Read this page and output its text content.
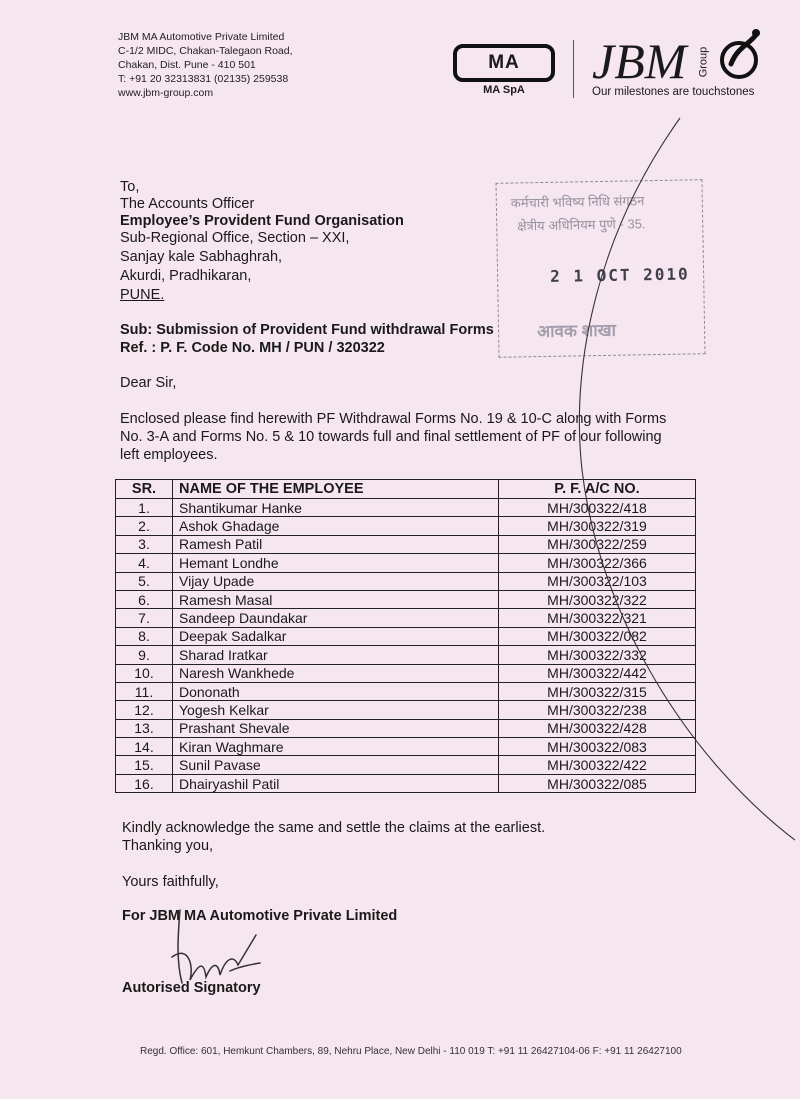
JBM MA Automotive Private Limited
C-1/2 MIDC, Chakan-Talegaon Road,
Chakan, Dist. Pune - 410 501
T: +91 20 32313831 (02135) 259538
www.jbm-group.com
MA
MA SpA
JBM Group
Our milestones are touchstones
To,
The Accounts Officer
Employee’s Provident Fund Organisation
Sub-Regional Office, Section – XXI,
Sanjay kale Sabhaghrah,
Akurdi, Pradhikaran,
PUNE.
कर्मचारी भविष्य निधि संगठन
क्षेत्रीय अधिनियम पुणे - 35.
2 1 OCT 2010
आवक शाखा
Sub: Submission of Provident Fund withdrawal Forms
Ref. : P. F. Code No. MH / PUN / 320322
Dear Sir,
Enclosed please find herewith PF Withdrawal Forms No. 19 & 10-C along with Forms
No. 3-A and Forms No. 5 & 10 towards full and final settlement of PF of our following
left employees.
SR.	NAME OF THE EMPLOYEE	P. F. A/C NO.
1.	Shantikumar Hanke	MH/300322/418
2.	Ashok Ghadage	MH/300322/319
3.	Ramesh Patil	MH/300322/259
4.	Hemant Londhe	MH/300322/366
5.	Vijay Upade	MH/300322/103
6.	Ramesh Masal	MH/300322/322
7.	Sandeep Daundakar	MH/300322/321
8.	Deepak Sadalkar	MH/300322/082
9.	Sharad Iratkar	MH/300322/332
10.	Naresh Wankhede	MH/300322/442
11.	Dononath	MH/300322/315
12.	Yogesh Kelkar	MH/300322/238
13.	Prashant Shevale	MH/300322/428
14.	Kiran Waghmare	MH/300322/083
15.	Sunil Pavase	MH/300322/422
16.	Dhairyashil Patil	MH/300322/085
Kindly acknowledge the same and settle the claims at the earliest.
Thanking you,
Yours faithfully,
For JBM MA Automotive Private Limited
Autorised Signatory
Regd. Office: 601, Hemkunt Chambers, 89, Nehru Place, New Delhi - 110 019 T: +91 11 26427104-06 F: +91 11 26427100
